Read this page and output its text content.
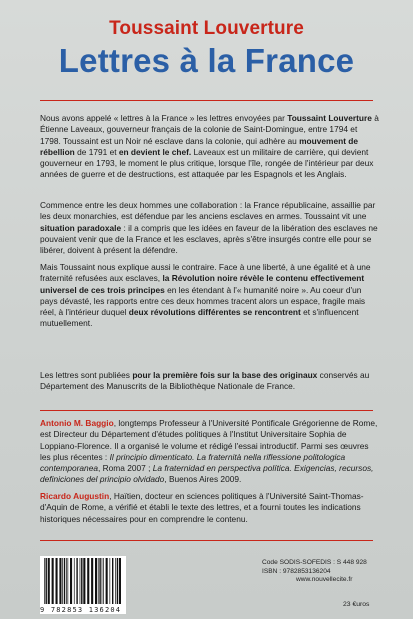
Toussaint Louverture
Lettres à la France
Nous avons appelé « lettres à la France » les lettres envoyées par Toussaint Louverture à Étienne Laveaux, gouverneur français de la colonie de Saint-Domingue, entre 1794 et 1798. Toussaint est un Noir né esclave dans la colonie, qui adhère au mouvement de rébellion de 1791 et en devient le chef. Laveaux est un militaire de carrière, qui devient gouverneur en 1793, le moment le plus critique, lorsque l'île, rongée de l'intérieur par deux années de guerre et de destructions, est attaquée par les Espagnols et les Anglais.
Commence entre les deux hommes une collaboration : la France républicaine, assaillie par les deux monarchies, est défendue par les anciens esclaves en armes. Toussaint vit une situation paradoxale : il a compris que les idées en faveur de la libération des esclaves ne pouvaient venir que de la France et les esclaves, après s'être insurgés contre elle pour se libérer, doivent à présent la défendre.
Mais Toussaint nous explique aussi le contraire. Face à une liberté, à une égalité et à une fraternité refusées aux esclaves, la Révolution noire révèle le contenu effectivement universel de ces trois principes en les étendant à l'« humanité noire ». Au coeur d'un pays dévasté, les rapports entre ces deux hommes tracent alors un espace, fragile mais réel, à l'intérieur duquel deux révolutions différentes se rencontrent et s'influencent mutuellement.
Les lettres sont publiées pour la première fois sur la base des originaux conservés au Département des Manuscrits de la Bibliothèque Nationale de France.
Antonio M. Baggio, longtemps Professeur à l'Université Pontificale Grégorienne de Rome, est Directeur du Département d'études politiques à l'Institut Universitaire Sophia de Loppiano-Florence. Il a organisé le volume et rédigé l'essai introductif. Parmi ses œuvres les plus récentes : Il principio dimenticato. La fraternità nella riflessione politologica contemporanea, Roma 2007 ; La fraternidad en perspectiva política. Exigencias, recursos, definiciones del principio olvidado, Buenos Aires 2009.
Ricardo Augustin, Haïtien, docteur en sciences politiques à l'Université Saint-Thomas-d'Aquin de Rome, a vérifié et établi le texte des lettres, et a fourni toutes les indications historiques nécessaires pour en comprendre le contenu.
9 782853 136204
Code SODIS-SOFEDIS : S 448 928
ISBN : 9782853136204
www.nouvellecite.fr
23 €uros
